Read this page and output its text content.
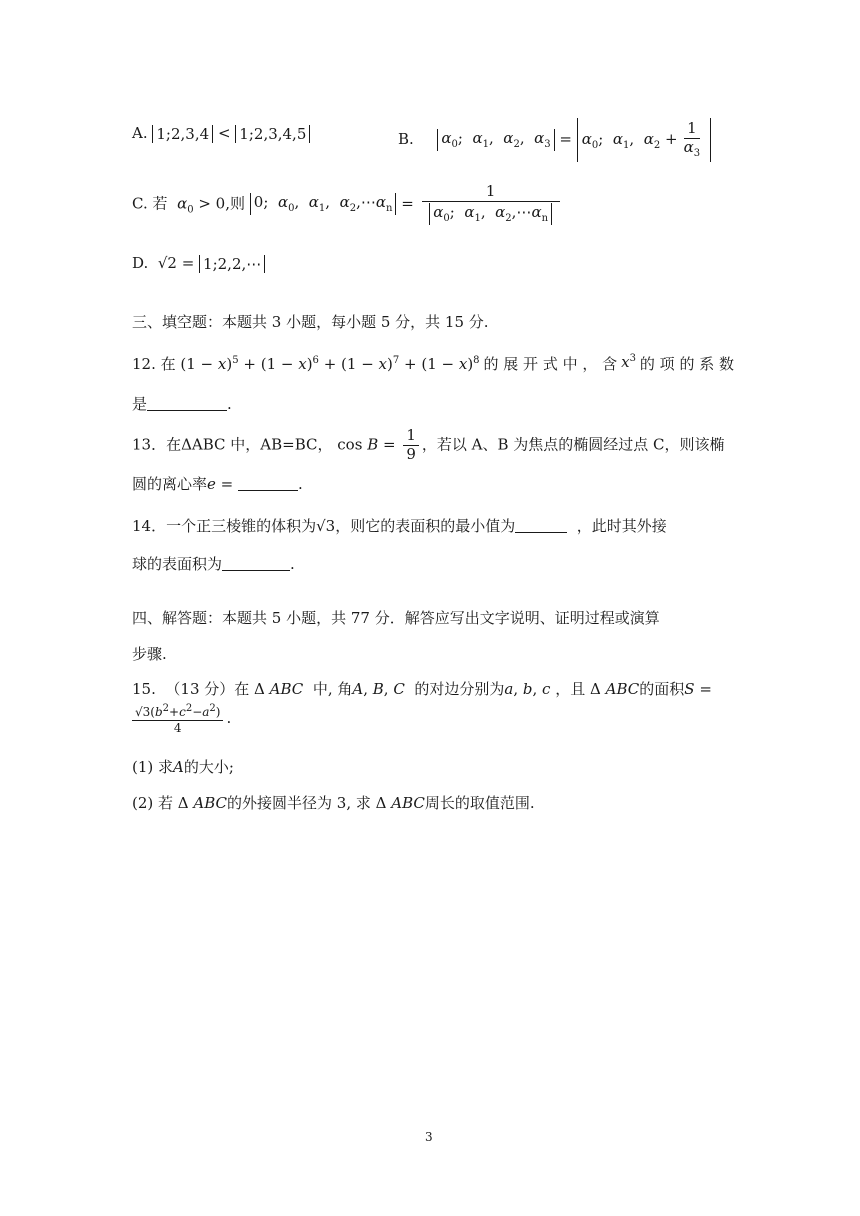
A. 1;2,3,4 < 1;2,3,4,5	B. $\alpha_0$;  $\alpha_1$,  $\alpha_2$,  $\alpha_3 = \alpha_0$;  $\alpha_1$,  $\alpha_2 + \frac{1}{\alpha_3}$
C. 若  $\alpha_0 > 0$,则 0;  $\alpha_0$,  $\alpha_1$,  $\alpha_2,\cdots\alpha_n = \frac{1}{\alpha_0; \alpha_1, \alpha_2,\cdots\alpha_n}$
D. √2 = 1;2,2,⋯
三、填空题：本题共 3 小题，每小题 5 分，共 15 分.
12. 在 $(1 - x)^5 + (1 - x)^6 + (1 - x)^7 + (1 - x)^8$ 的 展 开 式 中 ， 含 $x^3$ 的 项 的 系 数
是	.
13．在ΔABC 中，AB=BC， $\cos B = \frac{1}{9}$ ，若以 A、B 为焦点的椭圆经过点 C，则该椭
圆的离心率e =	.
14．一个正三棱锥的体积为√3，则它的表面积的最小值为	，此时其外接
球的表面积为	.
四、解答题：本题共 5 小题，共 77 分．解答应写出文字说明、证明过程或演算
步骤.
15. （13 分）在 Δ ABC 中, 角A, B, C 的对边分别为a, b, c ，且 Δ ABC的面积S =
$\frac{√3(b^2+c^2-a^2)}{4}$ .
(1) 求A的大小;
(2) 若 Δ ABC的外接圆半径为 3, 求 Δ ABC周长的取值范围.
3
